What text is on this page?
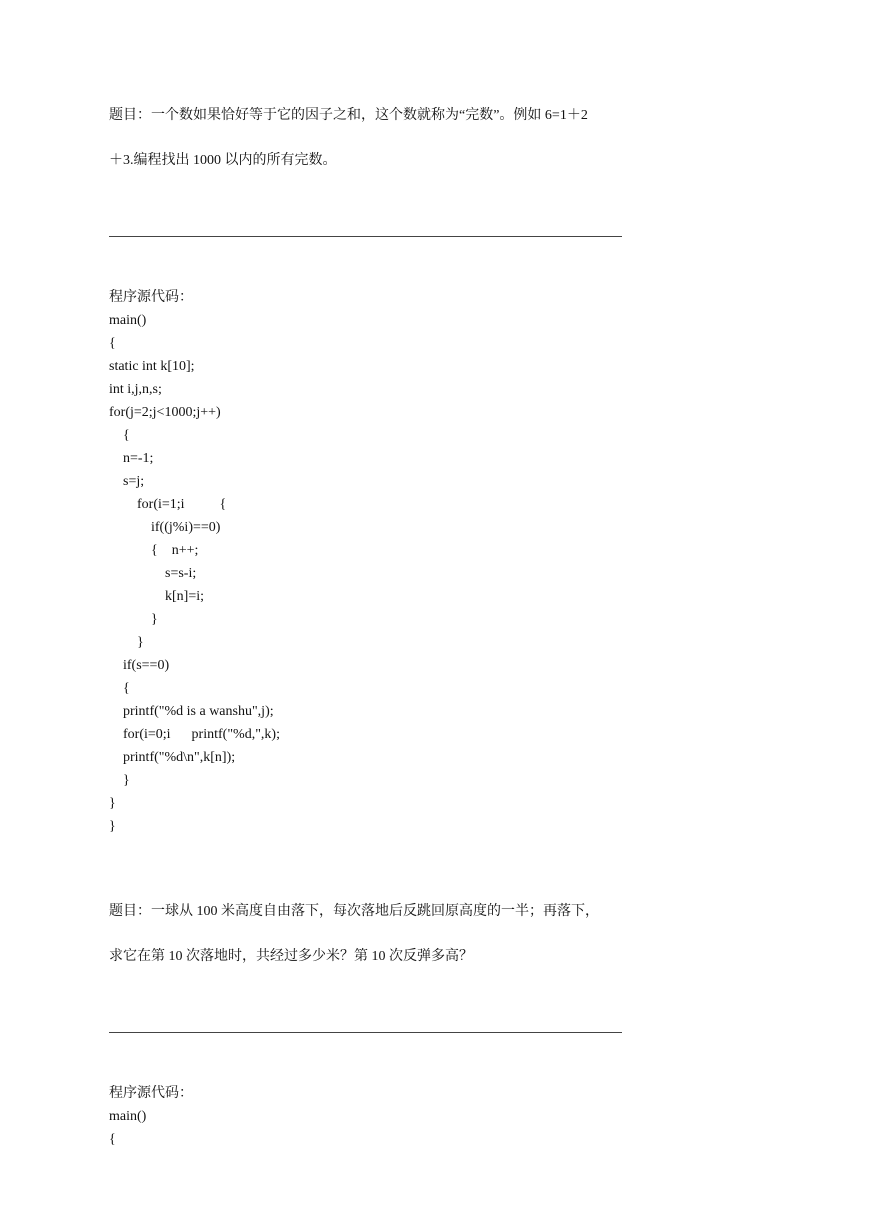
题目：一个数如果恰好等于它的因子之和，这个数就称为“完数”。例如 6=1＋2
＋3.编程找出 1000 以内的所有完数。
程序源代码：
main()
{
static int k[10];
int i,j,n,s;
for(j=2;j<1000;j++)
{
n=-1;
s=j;
for(i=1;i          {
if((j%i)==0)
{    n++;
s=s-i;
k[n]=i;
}
}
if(s==0)
{
printf("%d is a wanshu",j);
for(i=0;i      printf("%d,",k);
printf("%d\n",k[n]);
}
}
}
题目：一球从 100 米高度自由落下，每次落地后反跳回原高度的一半；再落下，
求它在第 10 次落地时，共经过多少米？第 10 次反弹多高？
程序源代码：
main()
{
